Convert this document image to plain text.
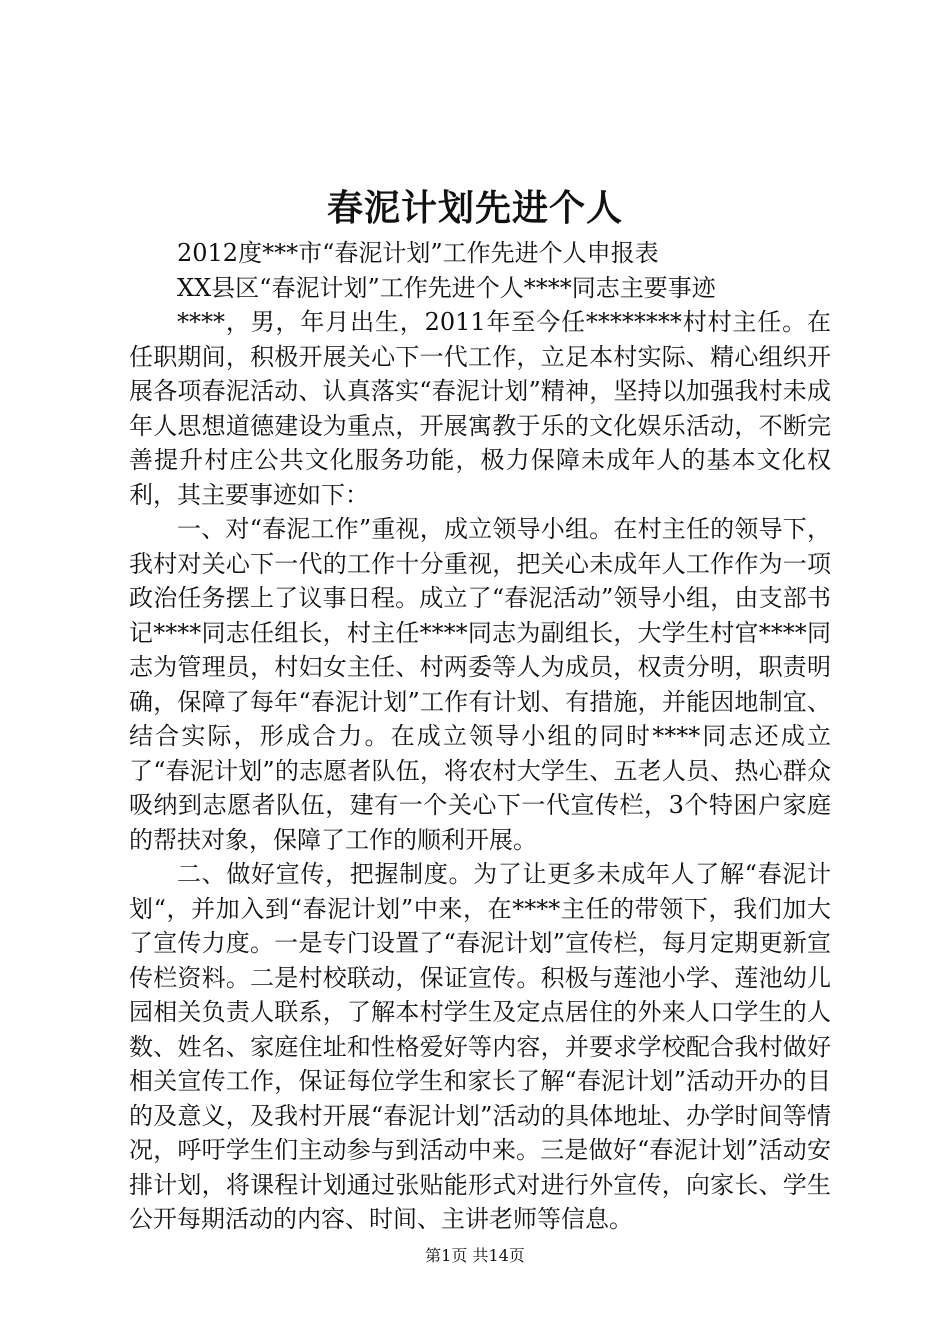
春泥计划先进个人

2012度***市“春泥计划”工作先进个人申报表

XX县区“春泥计划”工作先进个人****同志主要事迹

****，男，年月出生，2011年至今任********村村主任。在任职期间，积极开展关心下一代工作，立足本村实际、精心组织开展各项春泥活动、认真落实“春泥计划”精神，坚持以加强我村未成年人思想道德建设为重点，开展寓教于乐的文化娱乐活动，不断完善提升村庄公共文化服务功能，极力保障未成年人的基本文化权利，其主要事迹如下：

一、对“春泥工作”重视，成立领导小组。在村主任的领导下，我村对关心下一代的工作十分重视，把关心未成年人工作作为一项政治任务摆上了议事日程。成立了“春泥活动”领导小组，由支部书记****同志任组长，村主任****同志为副组长，大学生村官****同志为管理员，村妇女主任、村两委等人为成员，权责分明，职责明确，保障了每年“春泥计划”工作有计划、有措施，并能因地制宜、结合实际，形成合力。在成立领导小组的同时****同志还成立了“春泥计划”的志愿者队伍，将农村大学生、五老人员、热心群众吸纳到志愿者队伍，建有一个关心下一代宣传栏，3个特困户家庭的帮扶对象，保障了工作的顺利开展。

二、做好宣传，把握制度。为了让更多未成年人了解“春泥计划“，并加入到“春泥计划”中来，在****主任的带领下，我们加大了宣传力度。一是专门设置了“春泥计划”宣传栏，每月定期更新宣传栏资料。二是村校联动，保证宣传。积极与莲池小学、莲池幼儿园相关负责人联系，了解本村学生及定点居住的外来人口学生的人数、姓名、家庭住址和性格爱好等内容，并要求学校配合我村做好相关宣传工作，保证每位学生和家长了解“春泥计划”活动开办的目的及意义，及我村开展“春泥计划”活动的具体地址、办学时间等情况，呼吁学生们主动参与到活动中来。三是做好“春泥计划”活动安排计划，将课程计划通过张贴能形式对进行外宣传，向家长、学生公开每期活动的内容、时间、主讲老师等信息。

第1页 共14页
